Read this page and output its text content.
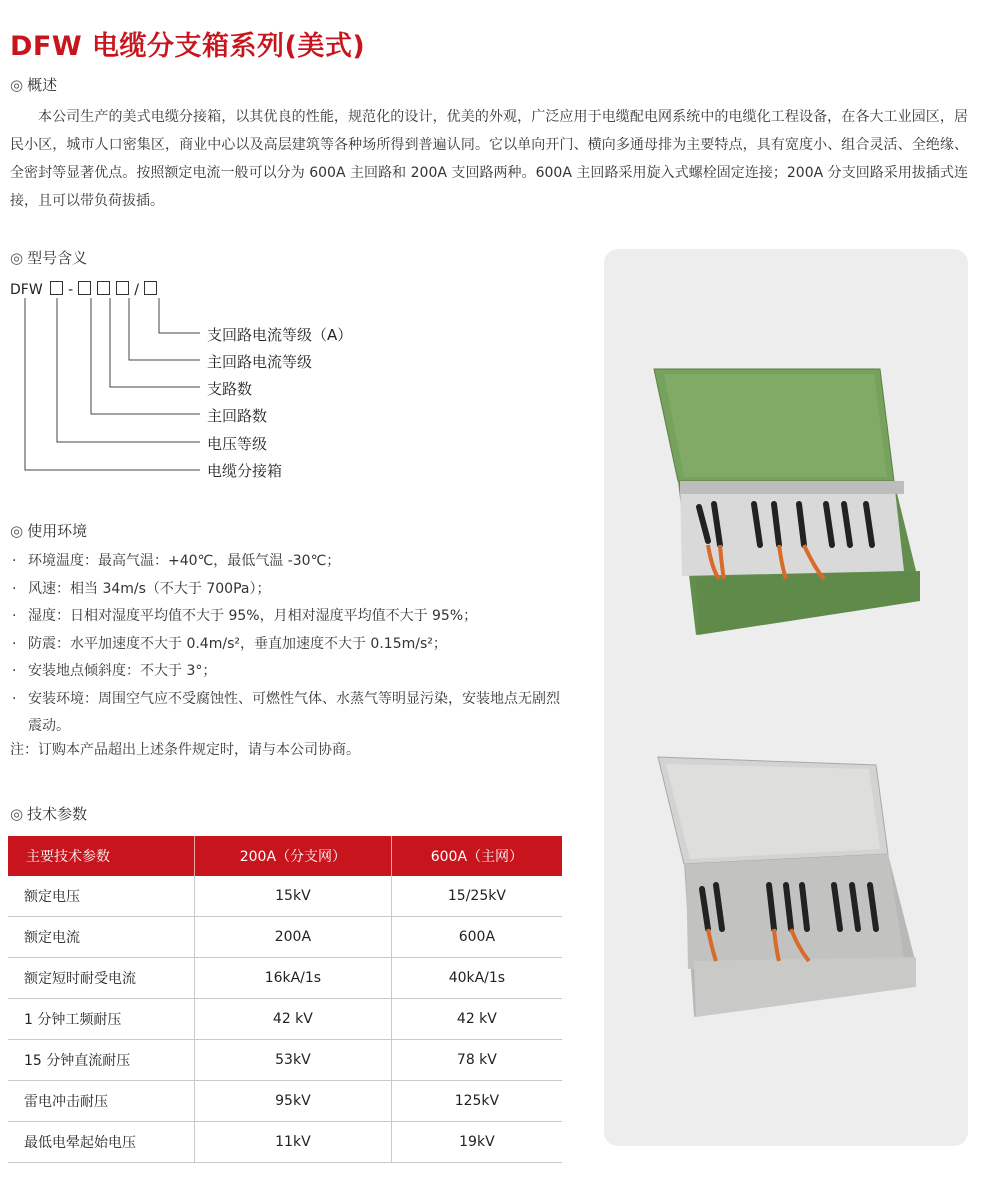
DFW 电缆分支箱系列(美式)
◎ 概述
本公司生产的美式电缆分接箱，以其优良的性能，规范化的设计，优美的外观，广泛应用于电缆配电网系统中的电缆化工程设备，在各大工业园区，居民小区，城市人口密集区，商业中心以及高层建筑等各种场所得到普遍认同。它以单向开门、横向多通母排为主要特点，具有宽度小、组合灵活、全绝缘、全密封等显著优点。按照额定电流一般可以分为 600A 主回路和 200A 支回路两种。600A 主回路采用旋入式螺栓固定连接；200A 分支回路采用拔插式连接，且可以带负荷拔插。
◎ 型号含义
DFW -	/
支回路电流等级（A）
主回路电流等级
支路数
主回路数
电压等级
电缆分接箱
◎ 使用环境
· 环境温度：最高气温：+40℃，最低气温 -30℃；
· 风速：相当 34m/s（不大于 700Pa）；
· 湿度：日相对湿度平均值不大于 95%，月相对湿度平均值不大于 95%；
· 防震：水平加速度不大于 0.4m/s²，垂直加速度不大于 0.15m/s²；
· 安装地点倾斜度：不大于 3°；
· 安装环境：周围空气应不受腐蚀性、可燃性气体、水蒸气等明显污染，安装地点无剧烈震动。
注：订购本产品超出上述条件规定时，请与本公司协商。
◎ 技术参数
主要技术参数	200A（分支网）	600A（主网）
额定电压	15kV	15/25kV
额定电流	200A	600A
额定短时耐受电流	16kA/1s	40kA/1s
1 分钟工频耐压	42 kV	42 kV
15 分钟直流耐压	53kV	78 kV
雷电冲击耐压	95kV	125kV
最低电晕起始电压	11kV	19kV
